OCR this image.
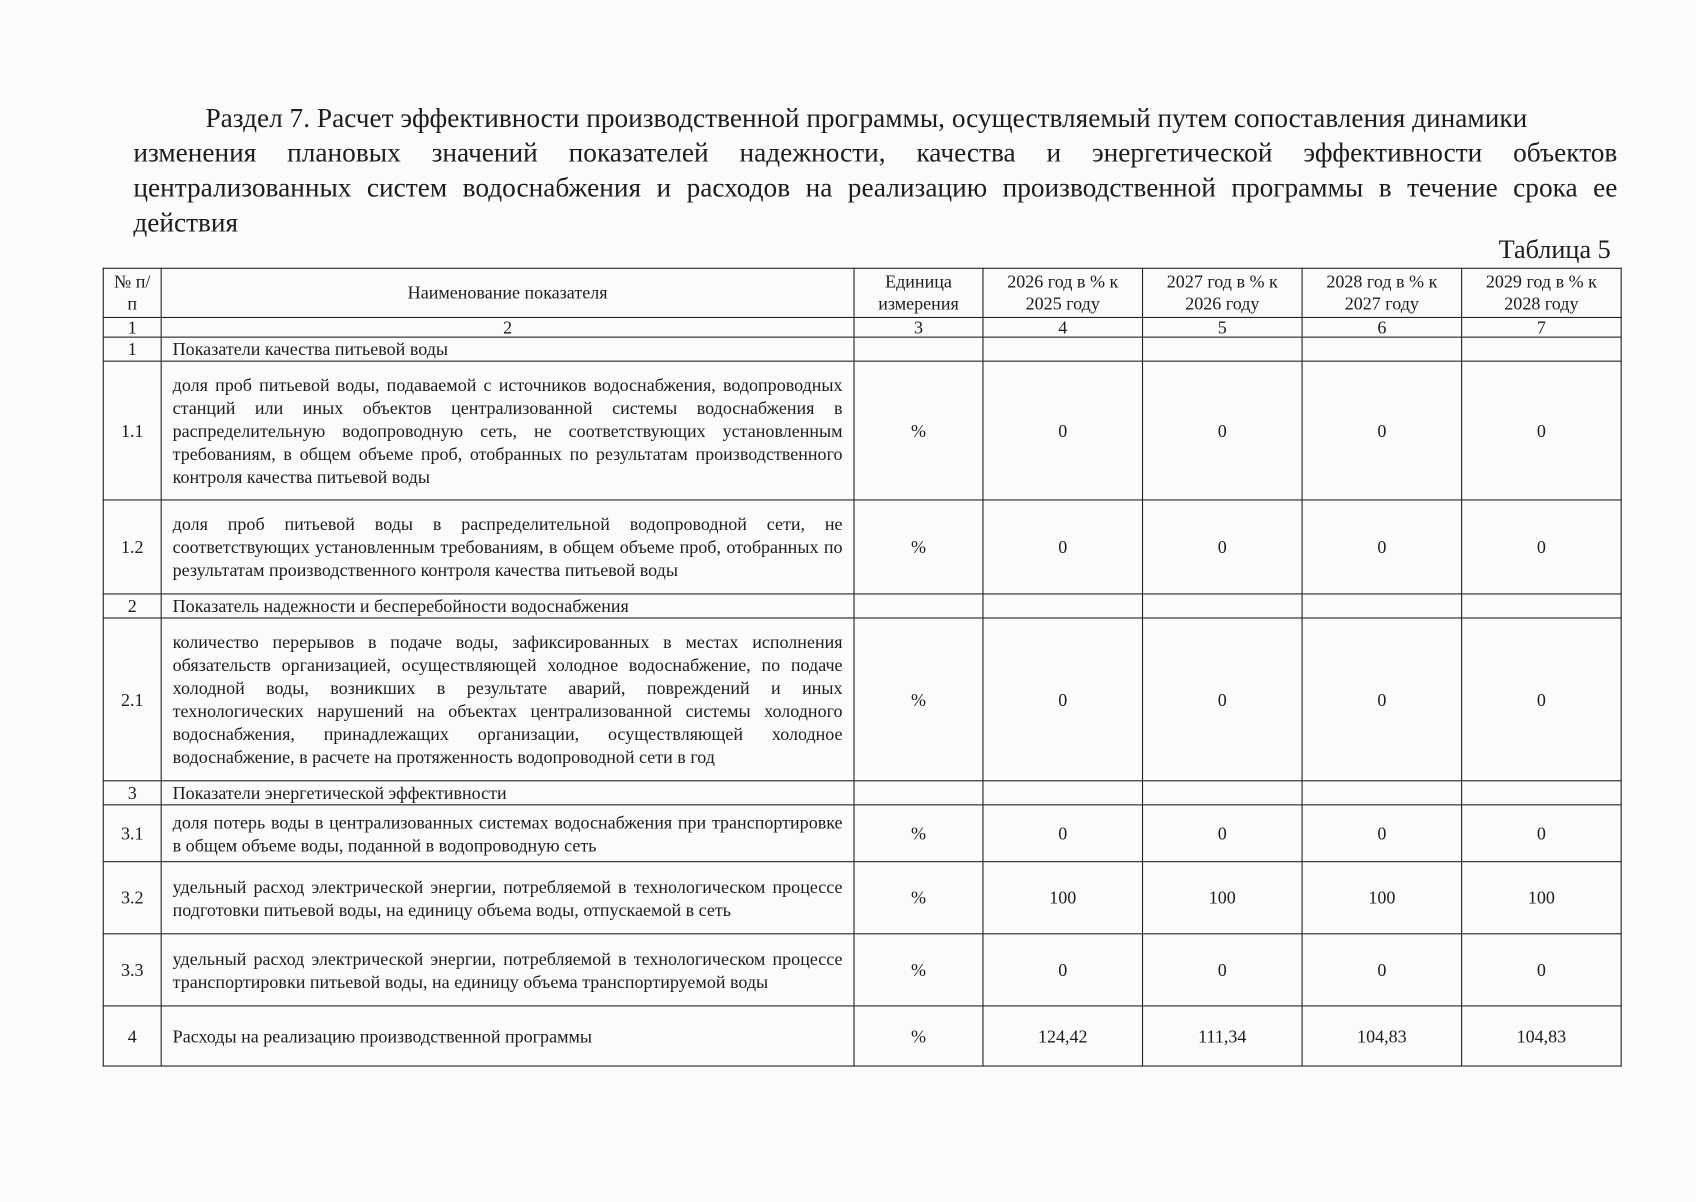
Раздел 7. Расчет эффективности производственной программы, осуществляемый путем сопоставления динамики
изменения плановых значений показателей надежности, качества и энергетической эффективности объектов централизованных систем водоснабжения и расходов на реализацию производственной программы в течение срока ее действия
Таблица 5
№ п/п	Наименование показателя	Единица измерения	2026 год в % к 2025 году	2027 год в % к 2026 году	2028 год в % к 2027 году	2029 год в % к 2028 году
1	2	3	4	5	6	7
1	Показатели качества питьевой воды					
1.1	доля проб питьевой воды, подаваемой с источников водоснабжения, водопроводных станций или иных объектов централизованной системы водоснабжения в распределительную водопроводную сеть, не соответствующих установленным требованиям, в общем объеме проб, отобранных по результатам производственного контроля качества питьевой воды	%	0	0	0	0
1.2	доля проб питьевой воды в распределительной водопроводной сети, не соответствующих установленным требованиям, в общем объеме проб, отобранных по результатам производственного контроля качества питьевой воды	%	0	0	0	0
2	Показатель надежности и бесперебойности водоснабжения					
2.1	количество перерывов в подаче воды, зафиксированных в местах исполнения обязательств организацией, осуществляющей холодное водоснабжение, по подаче холодной воды, возникших в результате аварий, повреждений и иных технологических нарушений на объектах централизованной системы холодного водоснабжения, принадлежащих организации, осуществляющей холодное водоснабжение, в расчете на протяженность водопроводной сети в год	%	0	0	0	0
3	Показатели энергетической эффективности					
3.1	доля потерь воды в централизованных системах водоснабжения при транспортировке в общем объеме воды, поданной в водопроводную сеть	%	0	0	0	0
3.2	удельный расход электрической энергии, потребляемой в технологическом процессе подготовки питьевой воды, на единицу объема воды, отпускаемой в сеть	%	100	100	100	100
3.3	удельный расход электрической энергии, потребляемой в технологическом процессе транспортировки питьевой воды, на единицу объема транспортируемой воды	%	0	0	0	0
4	Расходы на реализацию производственной программы	%	124,42	111,34	104,83	104,83
